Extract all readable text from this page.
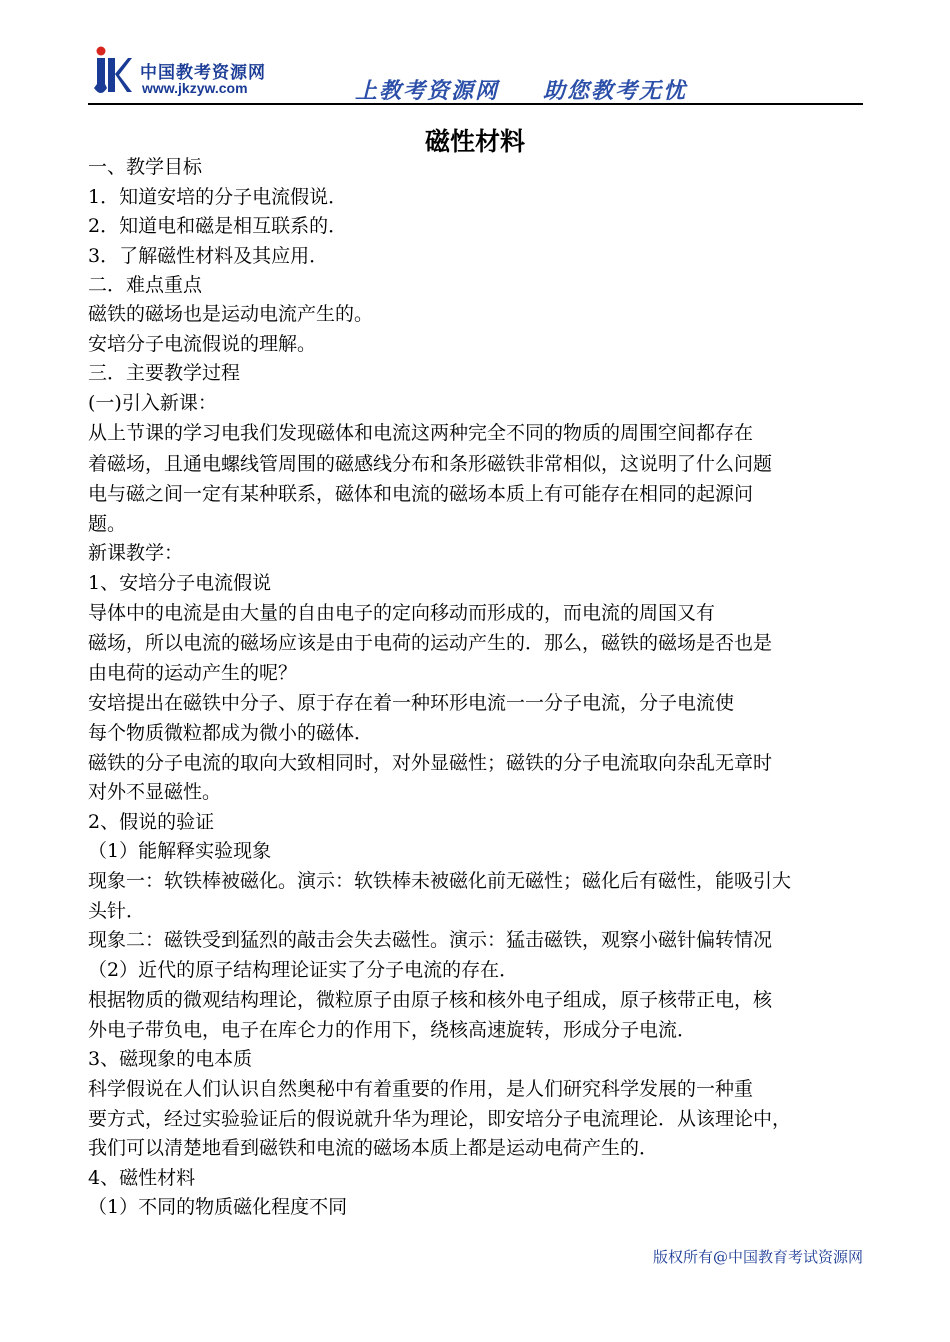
中国教考资源网
www.jkzyw.com	上教考资源网 助您教考无忧
磁性材料
一、教学目标
1．知道安培的分子电流假说．
2．知道电和磁是相互联系的．
3．了解磁性材料及其应用．
二．难点重点
磁铁的磁场也是运动电流产生的。
安培分子电流假说的理解。
三．主要教学过程
(一)引入新课：
从上节课的学习电我们发现磁体和电流这两种完全不同的物质的周围空间都存在
着磁场，且通电螺线管周围的磁感线分布和条形磁铁非常相似，这说明了什么问题
电与磁之间一定有某种联系，磁体和电流的磁场本质上有可能存在相同的起源问
题。
新课教学：
1、安培分子电流假说
导体中的电流是由大量的自由电子的定向移动而形成的，而电流的周国又有
磁场，所以电流的磁场应该是由于电荷的运动产生的．那么，磁铁的磁场是否也是
由电荷的运动产生的呢？
安培提出在磁铁中分子、原于存在着一种环形电流一一分子电流，分子电流使
每个物质微粒都成为微小的磁体．
磁铁的分子电流的取向大致相同时，对外显磁性；磁铁的分子电流取向杂乱无章时
对外不显磁性。
2、假说的验证
（1）能解释实验现象
现象一：软铁棒被磁化。演示：软铁棒未被磁化前无磁性；磁化后有磁性，能吸引大
头针．
现象二：磁铁受到猛烈的敲击会失去磁性。演示：猛击磁铁，观察小磁针偏转情况
（2）近代的原子结构理论证实了分子电流的存在．
根据物质的微观结构理论，微粒原子由原子核和核外电子组成，原子核带正电，核
外电子带负电，电子在库仑力的作用下，绕核高速旋转，形成分子电流．
3、磁现象的电本质
科学假说在人们认识自然奥秘中有着重要的作用，是人们研究科学发展的一种重
要方式，经过实验验证后的假说就升华为理论，即安培分子电流理论．从该理论中，
我们可以清楚地看到磁铁和电流的磁场本质上都是运动电荷产生的．
4、磁性材料
（1）不同的物质磁化程度不同
版权所有@中国教育考试资源网
